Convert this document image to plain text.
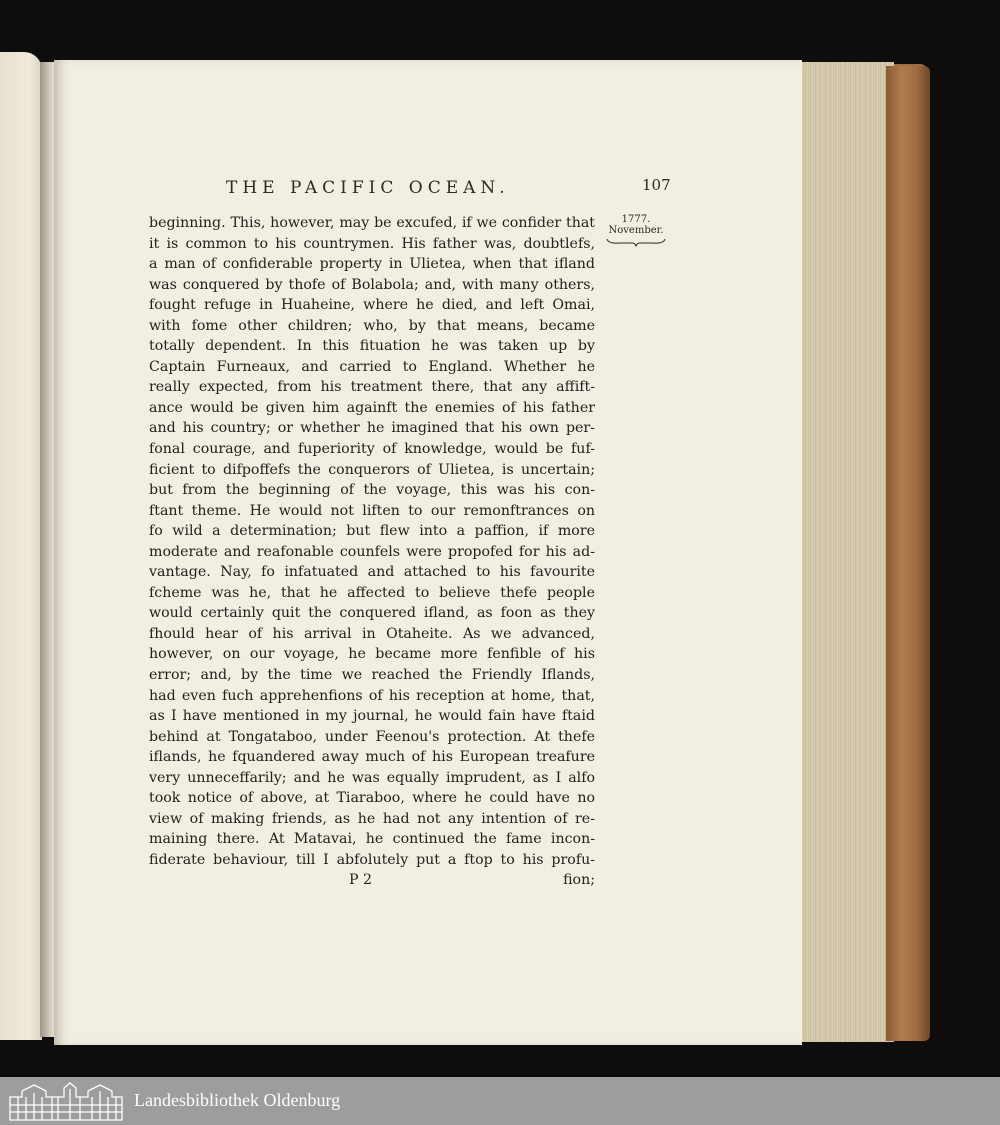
THE PACIFIC OCEAN.	107
1777.
November.
beginning. This, however, may be excufed, if we confider that
it is common to his countrymen. His father was, doubtlefs,
a man of confiderable property in Ulietea, when that ifland
was conquered by thofe of Bolabola; and, with many others,
fought refuge in Huaheine, where he died, and left Omai,
with fome other children; who, by that means, became
totally dependent. In this fituation he was taken up by
Captain Furneaux, and carried to England. Whether he
really expected, from his treatment there, that any affift-
ance would be given him againft the enemies of his father
and his country; or whether he imagined that his own per-
fonal courage, and fuperiority of knowledge, would be fuf-
ficient to difpoffefs the conquerors of Ulietea, is uncertain;
but from the beginning of the voyage, this was his con-
ftant theme. He would not liften to our remonftrances on
fo wild a determination; but flew into a paffion, if more
moderate and reafonable counfels were propofed for his ad-
vantage. Nay, fo infatuated and attached to his favourite
fcheme was he, that he affected to believe thefe people
would certainly quit the conquered ifland, as foon as they
fhould hear of his arrival in Otaheite. As we advanced,
however, on our voyage, he became more fenfible of his
error; and, by the time we reached the Friendly Iflands,
had even fuch apprehenfions of his reception at home, that,
as I have mentioned in my journal, he would fain have ftaid
behind at Tongataboo, under Feenou's protection. At thefe
iflands, he fquandered away much of his European treafure
very unneceffarily; and he was equally imprudent, as I alfo
took notice of above, at Tiaraboo, where he could have no
view of making friends, as he had not any intention of re-
maining there. At Matavai, he continued the fame incon-
fiderate behaviour, till I abfolutely put a ftop to his profu-
P 2	fion;
Landesbibliothek Oldenburg
